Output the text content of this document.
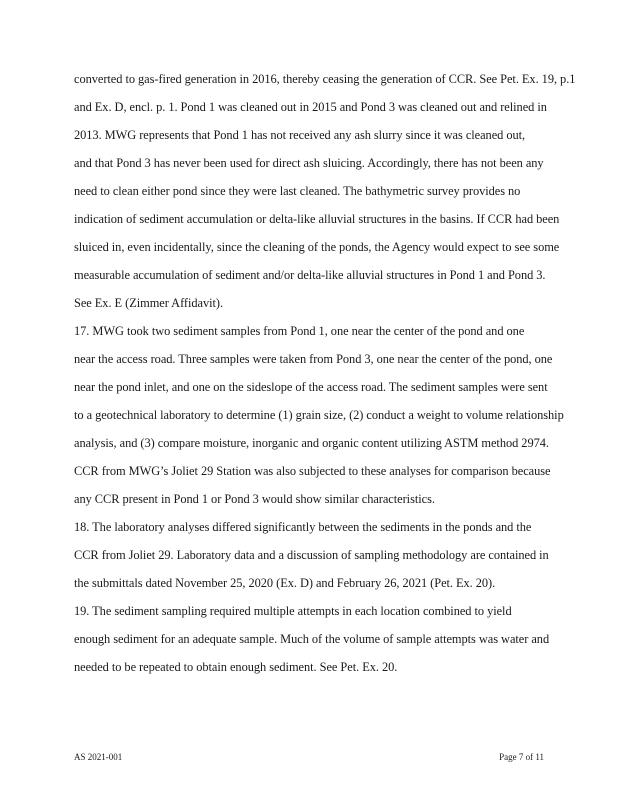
converted to gas-fired generation in 2016, thereby ceasing the generation of CCR. See Pet. Ex. 19, p.1
and Ex. D, encl. p. 1. Pond 1 was cleaned out in 2015 and Pond 3 was cleaned out and relined in
2013. MWG represents that Pond 1 has not received any ash slurry since it was cleaned out,
and that Pond 3 has never been used for direct ash sluicing. Accordingly, there has not been any
need to clean either pond since they were last cleaned. The bathymetric survey provides no
indication of sediment accumulation or delta-like alluvial structures in the basins. If CCR had been
sluiced in, even incidentally, since the cleaning of the ponds, the Agency would expect to see some
measurable accumulation of sediment and/or delta-like alluvial structures in Pond 1 and Pond 3.
See Ex. E (Zimmer Affidavit).
17. MWG took two sediment samples from Pond 1, one near the center of the pond and one
near the access road. Three samples were taken from Pond 3, one near the center of the pond, one
near the pond inlet, and one on the sideslope of the access road. The sediment samples were sent
to a geotechnical laboratory to determine (1) grain size, (2) conduct a weight to volume relationship
analysis, and (3) compare moisture, inorganic and organic content utilizing ASTM method 2974.
CCR from MWG’s Joliet 29 Station was also subjected to these analyses for comparison because
any CCR present in Pond 1 or Pond 3 would show similar characteristics.
18. The laboratory analyses differed significantly between the sediments in the ponds and the
CCR from Joliet 29. Laboratory data and a discussion of sampling methodology are contained in
the submittals dated November 25, 2020 (Ex. D) and February 26, 2021 (Pet. Ex. 20).
19. The sediment sampling required multiple attempts in each location combined to yield
enough sediment for an adequate sample. Much of the volume of sample attempts was water and
needed to be repeated to obtain enough sediment. See Pet. Ex. 20.
AS 2021-001	Page 7 of 11
